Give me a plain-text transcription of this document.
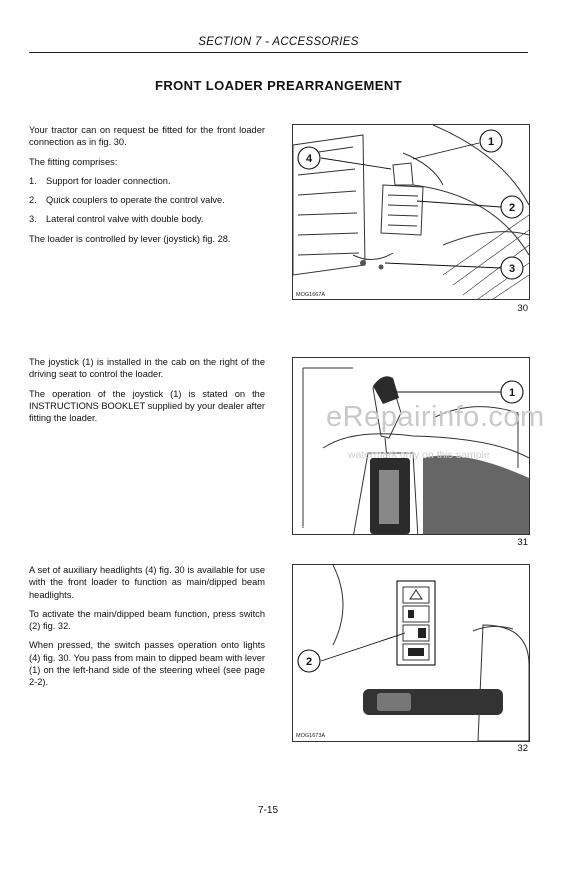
SECTION 7 - ACCESSORIES
FRONT LOADER PREARRANGEMENT

Your tractor can on request be fitted for the front loader connection as in fig. 30.

The fitting comprises:

1. Support for loader connection.
2. Quick couplers to operate the control valve.
3. Lateral control valve with double body.

The loader is controlled by lever (joystick) fig. 28.

1
2
3
4
MOG1667A
30

The joystick (1) is installed in the cab on the right of the driving seat to control the loader.

The operation of the joystick (1) is stated on the INSTRUCTIONS BOOKLET supplied by your dealer after fitting the loader.

1
MOG1672A
31

A set of auxiliary headlights (4) fig. 30 is available for use with the front loader to function as main/dipped beam headlights.

To activate the main/dipped beam function, press switch (2) fig. 32.

When pressed, the switch passes operation onto lights (4) fig. 30. You pass from main to dipped beam with lever (1) on the left-hand side of the steering wheel (see page 2-2).

2
MOG1673A
32
eRepairinfo.com
watermark only on this sample
7-15
